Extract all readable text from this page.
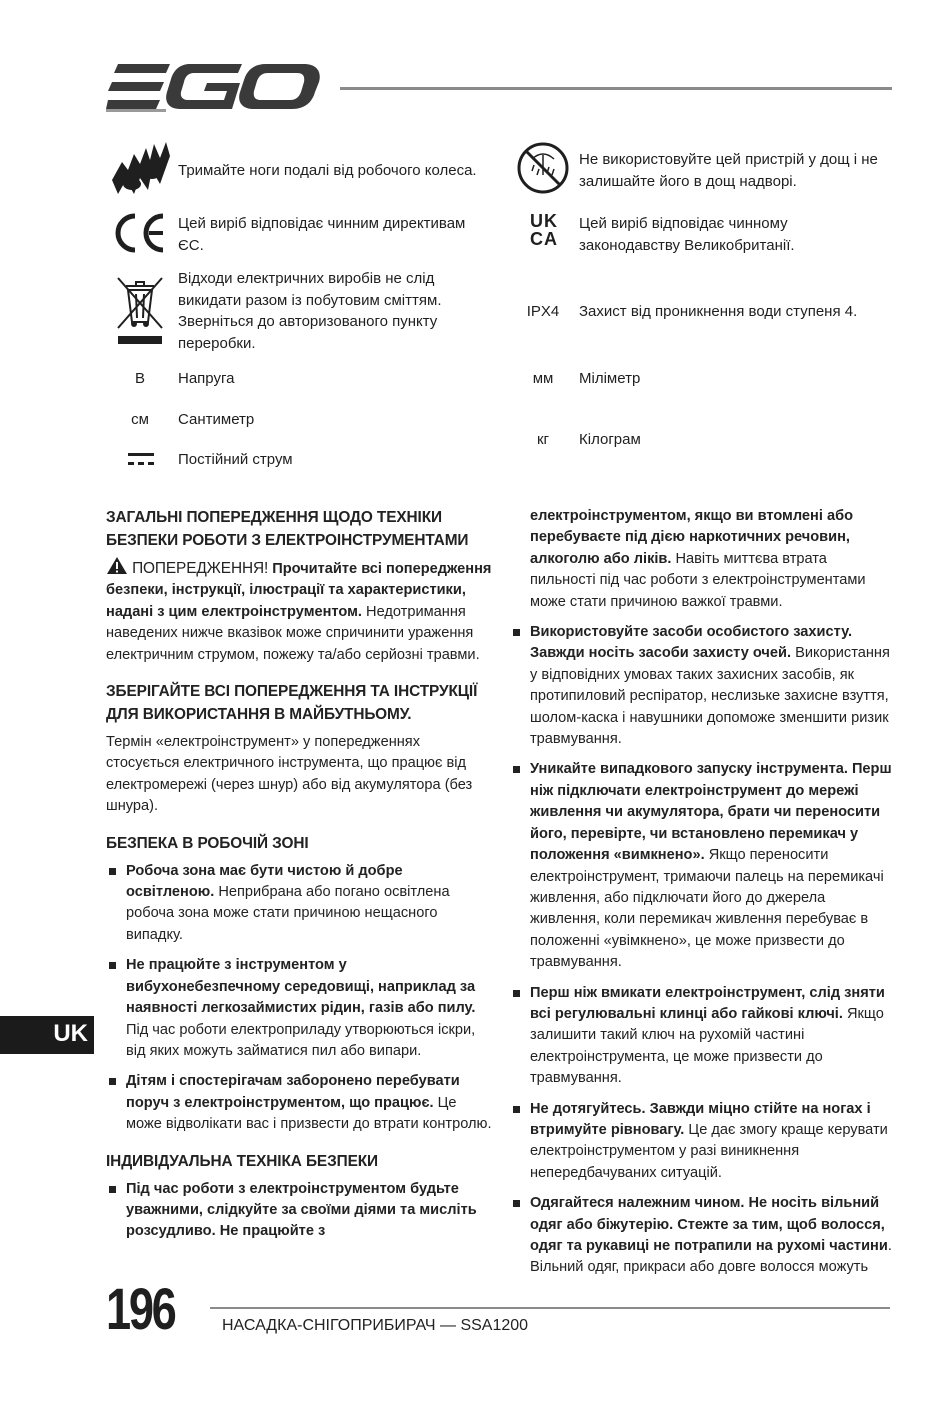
Тримайте ноги подалі від робочого колеса.
Цей виріб відповідає чинним директивам ЄС.
Відходи електричних виробів не слід викидати разом із побутовим сміттям. Зверніться до авторизованого пункту переробки.
В	Напруга
см	Сантиметр
Постійний струм
Не використовуйте цей пристрій у дощ і не залишайте його в дощ надворі.
UK
CA
Цей виріб відповідає чинному законодавству Великобританії.
IPX4	Захист від проникнення води ступеня 4.
мм	Міліметр
кг	Кілограм

ЗАГАЛЬНІ ПОПЕРЕДЖЕННЯ ЩОДО ТЕХНІКИ БЕЗПЕКИ РОБОТИ З ЕЛЕКТРОІНСТРУМЕНТАМИ

ПОПЕРЕДЖЕННЯ! Прочитайте всі попередження безпеки, інструкції, ілюстрації та характеристики, надані з цим електроінструментом. Недотримання наведених нижче вказівок може спричинити ураження електричним струмом, пожежу та/або серйозні травми.

ЗБЕРІГАЙТЕ ВСІ ПОПЕРЕДЖЕННЯ ТА ІНСТРУКЦІЇ ДЛЯ ВИКОРИСТАННЯ В МАЙБУТНЬОМУ.

Термін «електроінструмент» у попередженнях стосується електричного інструмента, що працює від електромережі (через шнур) або від акумулятора (без шнура).

БЕЗПЕКА В РОБОЧІЙ ЗОНІ

Робоча зона має бути чистою й добре освітленою. Неприбрана або погано освітлена робоча зона може стати причиною нещасного випадку.

Не працюйте з інструментом у вибухонебезпечному середовищі, наприклад за наявності легкозаймистих рідин, газів або пилу. Під час роботи електроприладу утворюються іскри, від яких можуть займатися пил або випари.

Дітям і спостерігачам заборонено перебувати поруч з електроінструментом, що працює. Це може відволікати вас і призвести до втрати контролю.

ІНДИВІДУАЛЬНА ТЕХНІКА БЕЗПЕКИ

Під час роботи з електроінструментом будьте уважними, слідкуйте за своїми діями та мисліть розсудливо. Не працюйте з

електроінструментом, якщо ви втомлені або перебуваєте під дією наркотичних речовин, алкоголю або ліків. Навіть миттєва втрата пильності під час роботи з електроінструментами може стати причиною важкої травми.

Використовуйте засоби особистого захисту. Завжди носіть засоби захисту очей. Використання у відповідних умовах таких захисних засобів, як протипиловий респіратор, неслизьке захисне взуття, шолом-каска і навушники допоможе зменшити ризик травмування.

Уникайте випадкового запуску інструмента. Перш ніж підключати електроінструмент до мережі живлення чи акумулятора, брати чи переносити його, перевірте, чи встановлено перемикач у положення «вимкнено». Якщо переносити електроінструмент, тримаючи палець на перемикачі живлення, або підключати його до джерела живлення, коли перемикач живлення перебуває в положенні «увімкнено», це може призвести до травмування.

Перш ніж вмикати електроінструмент, слід зняти всі регулювальні клинці або гайкові ключі. Якщо залишити такий ключ на рухомій частині електроінструмента, це може призвести до травмування.

Не дотягуйтесь. Завжди міцно стійте на ногах і втримуйте рівновагу. Це дає змогу краще керувати електроінструментом у разі виникнення непередбачуваних ситуацій.

Одягайтеся належним чином. Не носіть вільний одяг або біжутерію. Стежте за тим, щоб волосся, одяг та рукавиці не потрапили на рухомі частини. Вільний одяг, прикраси або довге волосся можуть

UK
196	НАСАДКА-СНІГОПРИБИРАЧ — SSA1200
